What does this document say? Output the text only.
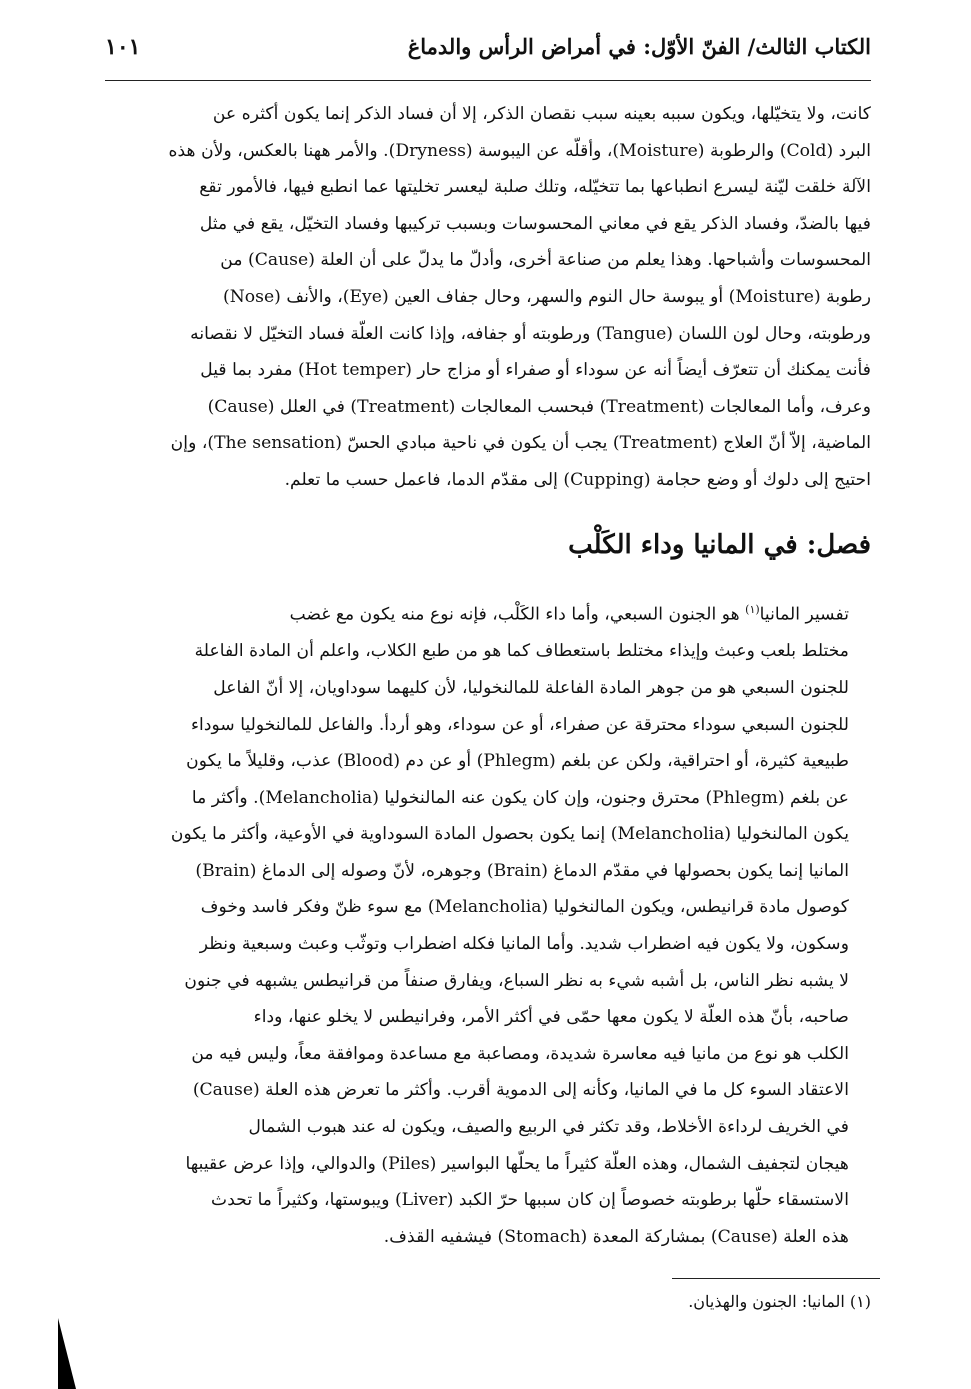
الكتاب الثالث/ الفنّ الأوّل: في أمراض الرأس والدماغ
١٠١

كانت، ولا يتخيّلها، ويكون سببه بعينه سبب نقصان الذكر، إلا أن فساد الذكر إنما يكون أكثره عن

البرد (Cold) والرطوبة (Moisture)، وأقلّه عن اليبوسة (Dryness). والأمر ههنا بالعكس، ولأن هذه

الآلة خلقت ليّنة ليسرع انطباعها بما تتخيّله، وتلك صلبة ليعسر تخليتها عما انطبع فيها، فالأمور تقع

فيها بالضدّ، وفساد الذكر يقع في معاني المحسوسات وبسبب تركيبها وفساد التخيّل، يقع في مثل

المحسوسات وأشباحها. وهذا يعلم من صناعة أخرى، وأدلّ ما يدلّ على أن العلة (Cause) من

رطوبة (Moisture) أو يبوسة حال النوم والسهر، وحال جفاف العين (Eye)، والأنف (Nose)

ورطوبته، وحال لون اللسان (Tangue) ورطوبته أو جفافه، وإذا كانت العلّة فساد التخيّل لا نقصانه

فأنت يمكنك أن تتعرّف أيضاً أنه عن سوداء أو صفراء أو مزاج حار (Hot temper) مفرد بما قيل

وعرف، وأما المعالجات (Treatment) فبحسب المعالجات (Treatment) في العلل (Cause)

الماضية، إلاّ أنّ العلاج (Treatment) يجب أن يكون في ناحية مبادي الحسّ (The sensation)، وإن

احتيج إلى دلوك أو وضع حجامة (Cupping) إلى مقدّم الدما، فاعمل حسب ما تعلم.

فصل: في المانيا وداء الكَلْب

تفسير المانيا$^{(١)}$ هو الجنون السبعي، وأما داء الكَلْب، فإنه نوع منه يكون مع غضب

مختلط بلعب وعبث وإيذاء مختلط باستعطاف كما هو من طبع الكلاب، واعلم أن المادة الفاعلة

للجنون السبعي هو من جوهر المادة الفاعلة للمالنخوليا، لأن كليهما سوداويان، إلا أنّ الفاعل

للجنون السبعي سوداء محترقة عن صفراء، أو عن سوداء، وهو أردأ. والفاعل للمالنخوليا سوداء

طبيعية كثيرة، أو احتراقية، ولكن عن بلغم (Phlegm) أو عن دم (Blood) عذب، وقليلاً ما يكون

عن بلغم (Phlegm) محترق وجنون، وإن كان يكون عنه المالنخوليا (Melancholia). وأكثر ما

يكون المالنخوليا (Melancholia) إنما يكون بحصول المادة السوداوية في الأوعية، وأكثر ما يكون

المانيا إنما يكون بحصولها في مقدّم الدماغ (Brain) وجوهره، لأنّ وصوله إلى الدماغ (Brain)

كوصول مادة قرانيطس، ويكون المالنخوليا (Melancholia) مع سوء ظنّ وفكر فاسد وخوف

وسكون، ولا يكون فيه اضطراب شديد. وأما المانيا فكله اضطراب وتوثّب وعبث وسبعية ونظر

لا يشبه نظر الناس، بل أشبه شيء به نظر السباع، ويفارق صنفاً من قرانيطس يشبهه في جنون

صاحبه، بأنّ هذه العلّة لا يكون معها حمّى في أكثر الأمر، وفرانيطس لا يخلو عنها، وداء

الكلب هو نوع من مانيا فيه معاسرة شديدة، ومصاعبة مع مساعدة وموافقة معاً، وليس فيه من

الاعتقاد السوء كل ما في المانيا، وكأنه إلى الدموية أقرب. وأكثر ما تعرض هذه العلة (Cause)

في الخريف لرداءة الأخلاط، وقد تكثر في الربيع والصيف، ويكون له عند هبوب الشمال

هيجان لتجفيف الشمال، وهذه العلّة كثيراً ما يحلّها البواسير (Piles) والدوالي، وإذا عرض عقيبها

الاستسقاء حلّها برطوبته خصوصاً إن كان سببها حرّ الكبد (Liver) ويبوستها، وكثيراً ما تحدث

هذه العلة (Cause) بمشاركة المعدة (Stomach) فيشفيه القذف.

(١) المانيا: الجنون والهذيان.
